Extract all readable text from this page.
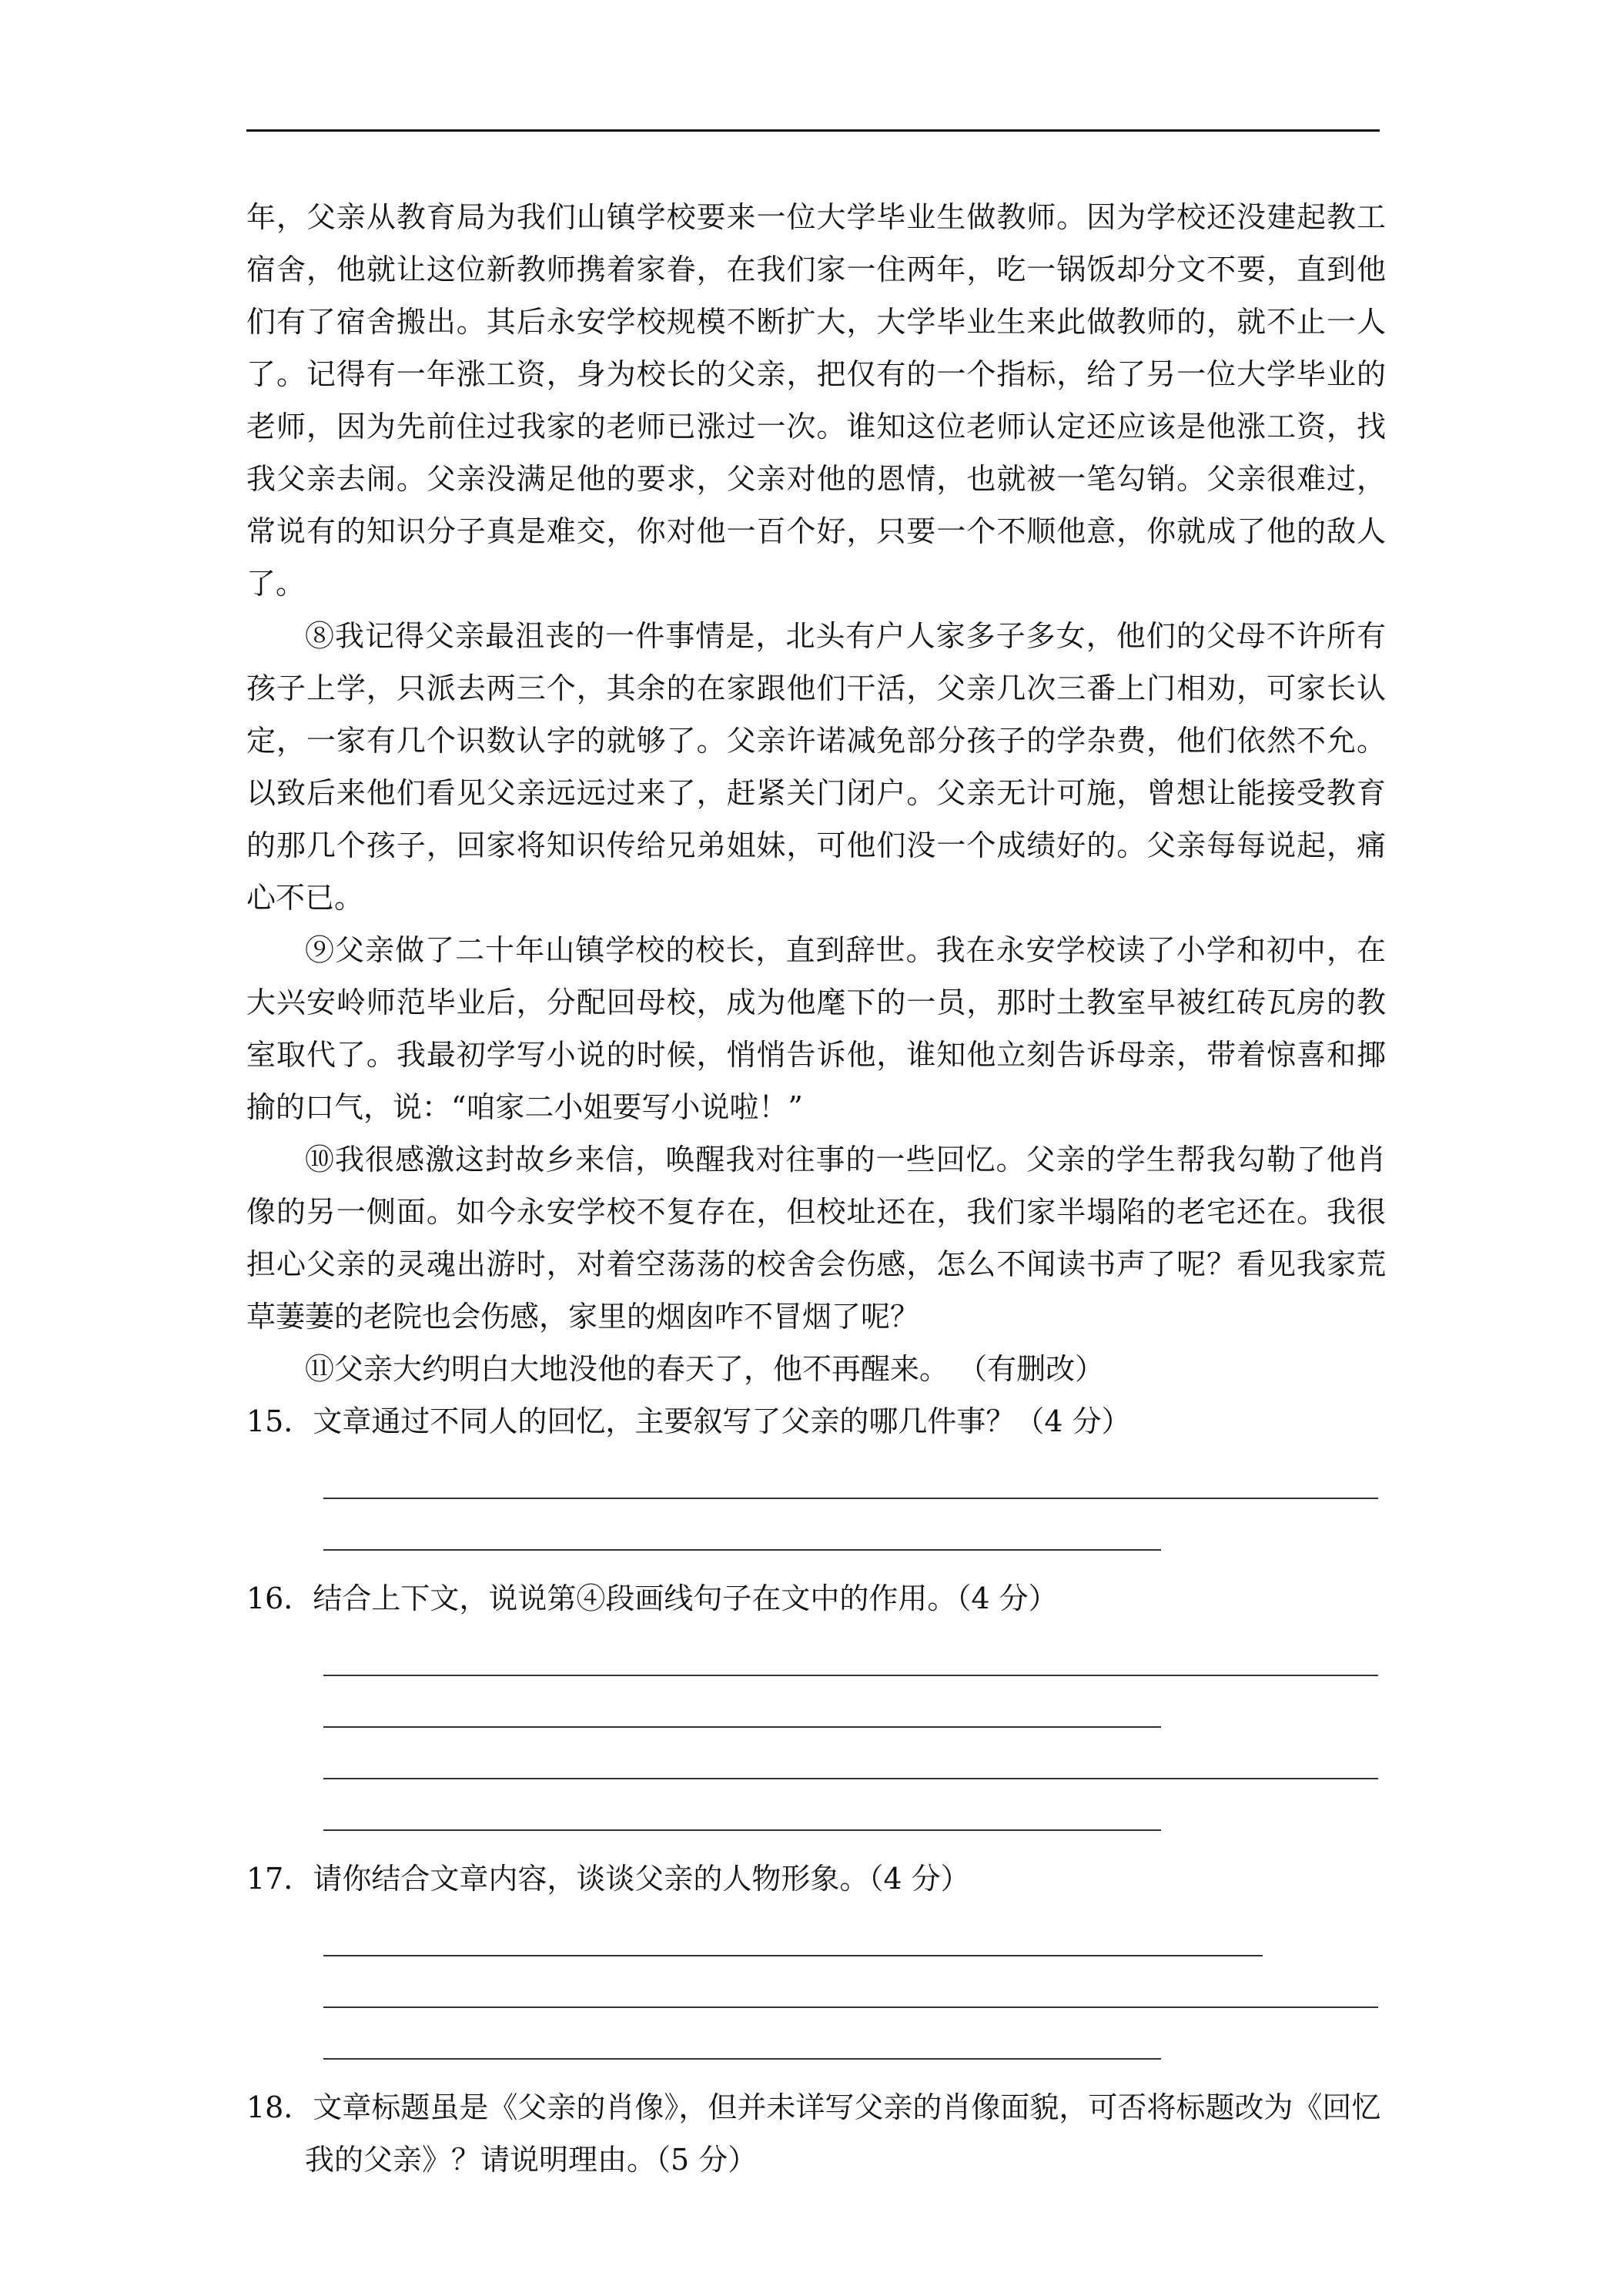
年，父亲从教育局为我们山镇学校要来一位大学毕业生做教师。因为学校还没建起教工宿舍，他就让这位新教师携着家眷，在我们家一住两年，吃一锅饭却分文不要，直到他们有了宿舍搬出。其后永安学校规模不断扩大，大学毕业生来此做教师的，就不止一人了。记得有一年涨工资，身为校长的父亲，把仅有的一个指标，给了另一位大学毕业的老师，因为先前住过我家的老师已涨过一次。谁知这位老师认定还应该是他涨工资，找我父亲去闹。父亲没满足他的要求，父亲对他的恩情，也就被一笔勾销。父亲很难过，常说有的知识分子真是难交，你对他一百个好，只要一个不顺他意，你就成了他的敌人了。

⑧我记得父亲最沮丧的一件事情是，北头有户人家多子多女，他们的父母不许所有孩子上学，只派去两三个，其余的在家跟他们干活，父亲几次三番上门相劝，可家长认定，一家有几个识数认字的就够了。父亲许诺减免部分孩子的学杂费，他们依然不允。以致后来他们看见父亲远远过来了，赶紧关门闭户。父亲无计可施，曾想让能接受教育的那几个孩子，回家将知识传给兄弟姐妹，可他们没一个成绩好的。父亲每每说起，痛心不已。

⑨父亲做了二十年山镇学校的校长，直到辞世。我在永安学校读了小学和初中，在大兴安岭师范毕业后，分配回母校，成为他麾下的一员，那时土教室早被红砖瓦房的教室取代了。我最初学写小说的时候，悄悄告诉他，谁知他立刻告诉母亲，带着惊喜和揶揄的口气，说：“咱家二小姐要写小说啦！”

⑩我很感激这封故乡来信，唤醒我对往事的一些回忆。父亲的学生帮我勾勒了他肖像的另一侧面。如今永安学校不复存在，但校址还在，我们家半塌陷的老宅还在。我很担心父亲的灵魂出游时，对着空荡荡的校舍会伤感，怎么不闻读书声了呢？看见我家荒草萋萋的老院也会伤感，家里的烟囱咋不冒烟了呢？

⑪父亲大约明白大地没他的春天了，他不再醒来。 （有删改）

15．文章通过不同人的回忆，主要叙写了父亲的哪几件事？（4 分）

16．结合上下文，说说第④段画线句子在文中的作用。（4 分）

17．请你结合文章内容，谈谈父亲的人物形象。（4 分）

18．文章标题虽是《父亲的肖像》，但并未详写父亲的肖像面貌，可否将标题改为《回忆我的父亲》？请说明理由。（5 分）
